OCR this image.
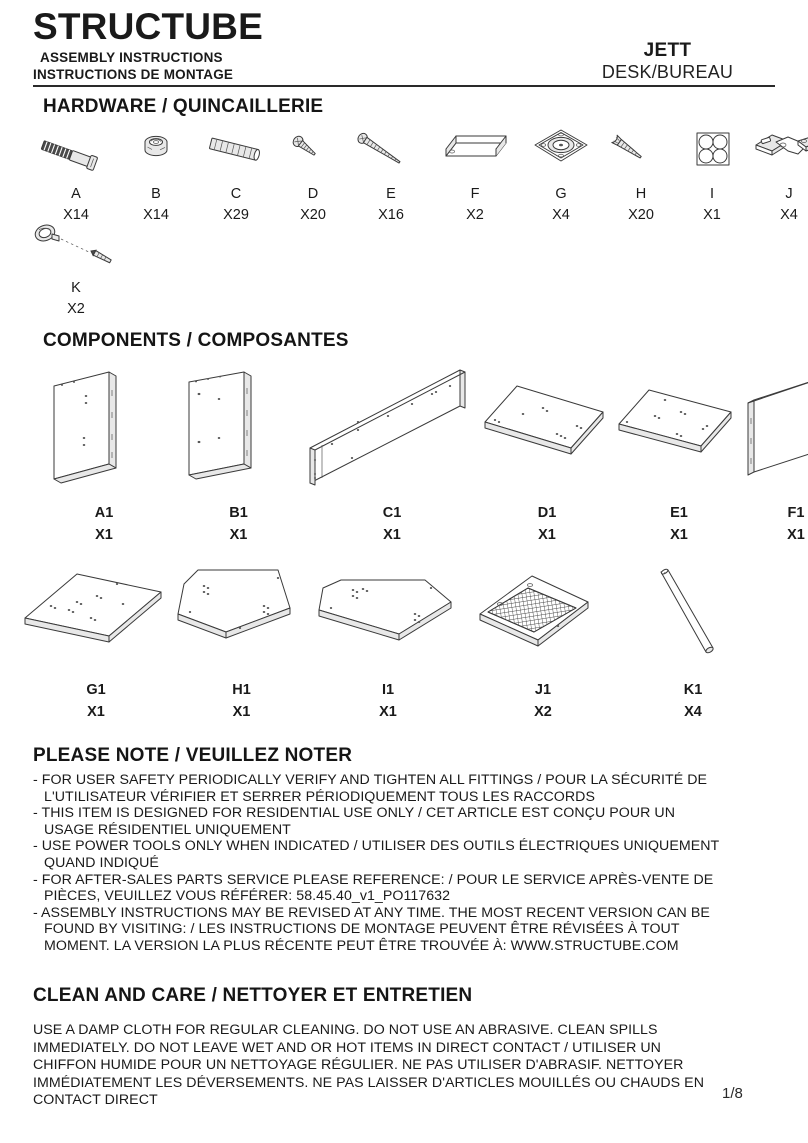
STRUCTUBE
ASSEMBLY INSTRUCTIONS
INSTRUCTIONS DE MONTAGE
JETT
DESK/BUREAU
HARDWARE / QUINCAILLERIE
A
X14
B
X14
C
X29
D
X20
E
X16
F
X2
G
X4
H
X20
I
X1
J
X4
K
X2
COMPONENTS / COMPOSANTES
A1
X1
B1
X1
C1
X1
D1
X1
E1
X1
F1
X1
G1
X1
H1
X1
I1
X1
J1
X2
K1
X4
PLEASE NOTE / VEUILLEZ NOTER
- FOR USER SAFETY PERIODICALLY VERIFY AND TIGHTEN ALL FITTINGS / POUR LA SÉCURITÉ DE
L'UTILISATEUR VÉRIFIER ET SERRER PÉRIODIQUEMENT TOUS LES RACCORDS
- THIS ITEM IS DESIGNED FOR RESIDENTIAL USE ONLY / CET ARTICLE EST CONÇU POUR UN
USAGE RÉSIDENTIEL UNIQUEMENT
- USE POWER TOOLS ONLY WHEN INDICATED / UTILISER DES OUTILS ÉLECTRIQUES UNIQUEMENT
QUAND INDIQUÉ
- FOR AFTER-SALES PARTS SERVICE PLEASE REFERENCE: / POUR LE SERVICE APRÈS-VENTE DE
PIÈCES, VEUILLEZ VOUS RÉFÉRER: 58.45.40_v1_PO117632
- ASSEMBLY INSTRUCTIONS MAY BE REVISED AT ANY TIME. THE MOST RECENT VERSION CAN BE
FOUND BY VISITING: / LES INSTRUCTIONS DE MONTAGE PEUVENT ÊTRE RÉVISÉES À TOUT
MOMENT. LA VERSION LA PLUS RÉCENTE PEUT ÊTRE TROUVÉE À: WWW.STRUCTUBE.COM
CLEAN AND CARE / NETTOYER ET ENTRETIEN
USE A DAMP CLOTH FOR REGULAR CLEANING. DO NOT USE AN ABRASIVE. CLEAN SPILLS
IMMEDIATELY. DO NOT LEAVE WET AND OR HOT ITEMS IN DIRECT CONTACT / UTILISER UN
CHIFFON HUMIDE POUR UN NETTOYAGE RÉGULIER. NE PAS UTILISER D'ABRASIF. NETTOYER
IMMÉDIATEMENT LES DÉVERSEMENTS. NE PAS LAISSER D'ARTICLES MOUILLÉS OU CHAUDS EN
CONTACT DIRECT	1/8
